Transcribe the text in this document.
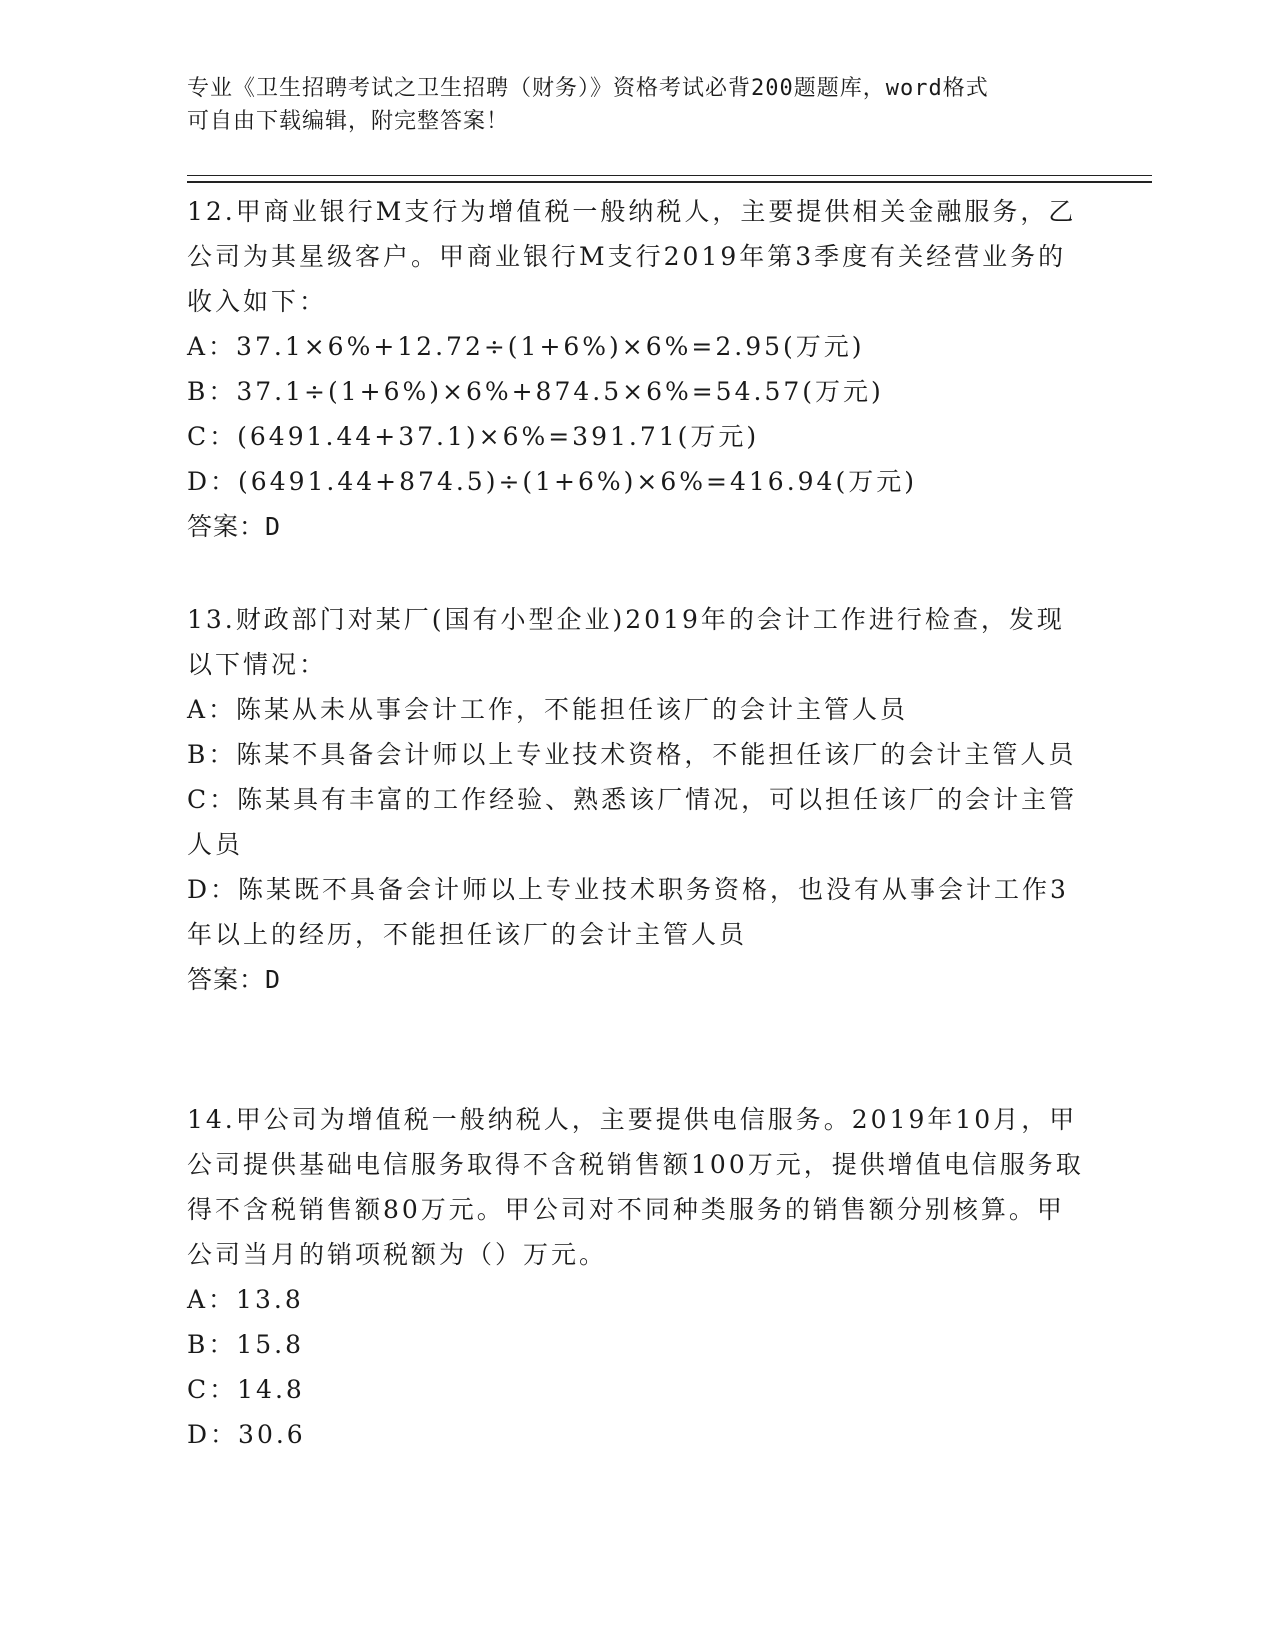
专业《卫生招聘考试之卫生招聘（财务）》资格考试必背200题题库，word格式
可自由下载编辑，附完整答案！
12.甲商业银行M支行为增值税一般纳税人，主要提供相关金融服务，乙公司为其星级客户。甲商业银行M支行2019年第3季度有关经营业务的收入如下：
A：37.1×6%+12.72÷(1+6%)×6%=2.95(万元)
B：37.1÷(1+6%)×6%+874.5×6%=54.57(万元)
C：(6491.44+37.1)×6%=391.71(万元)
D：(6491.44+874.5)÷(1+6%)×6%=416.94(万元)
答案：D
13.财政部门对某厂(国有小型企业)2019年的会计工作进行检查，发现以下情况：
A：陈某从未从事会计工作，不能担任该厂的会计主管人员
B：陈某不具备会计师以上专业技术资格，不能担任该厂的会计主管人员
C：陈某具有丰富的工作经验、熟悉该厂情况，可以担任该厂的会计主管人员
D：陈某既不具备会计师以上专业技术职务资格，也没有从事会计工作3年以上的经历，不能担任该厂的会计主管人员
答案：D
14.甲公司为增值税一般纳税人，主要提供电信服务。2019年10月，甲公司提供基础电信服务取得不含税销售额100万元，提供增值电信服务取得不含税销售额80万元。甲公司对不同种类服务的销售额分别核算。甲公司当月的销项税额为（）万元。
A：13.8
B：15.8
C：14.8
D：30.6
